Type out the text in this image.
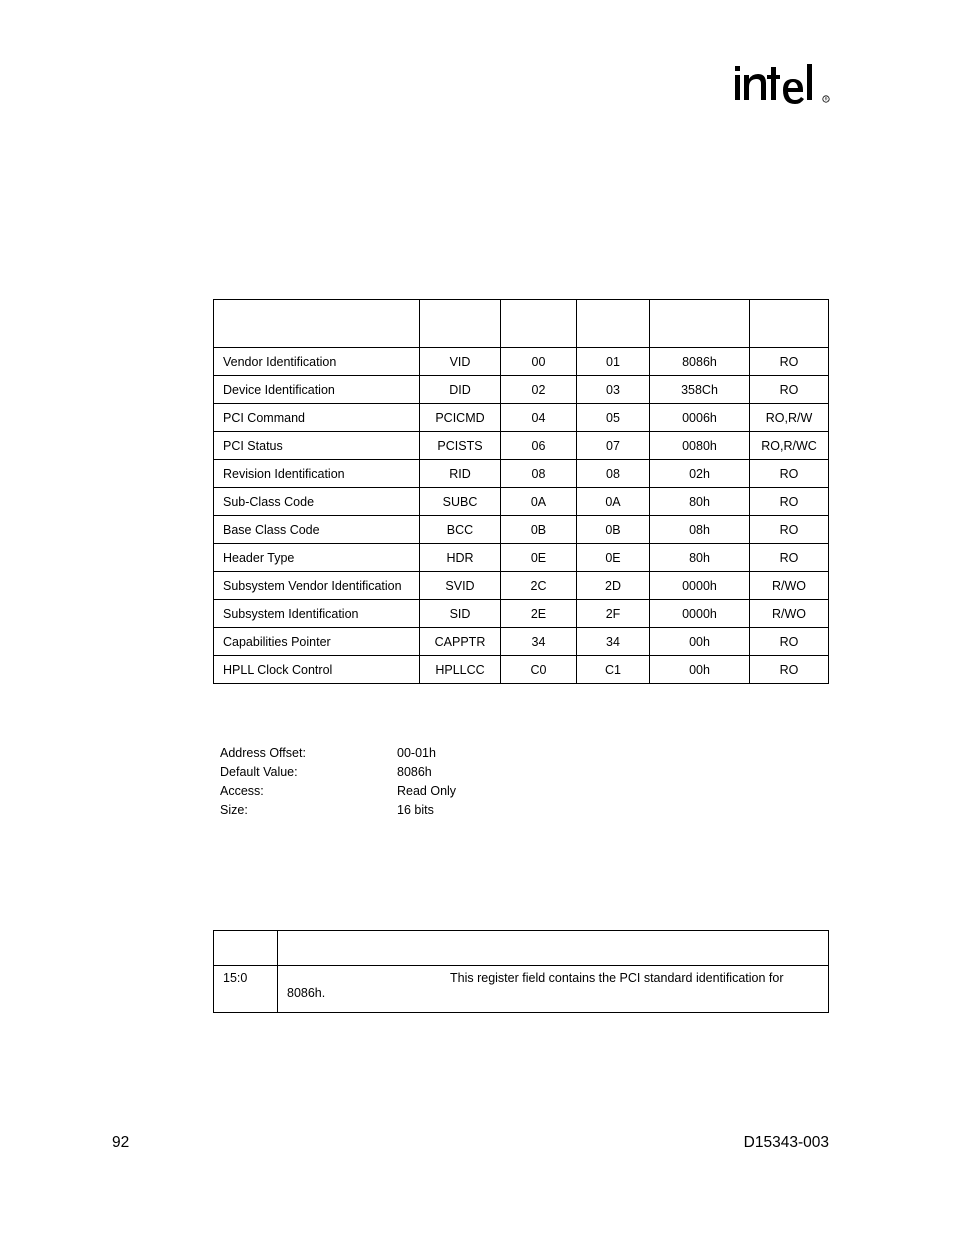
R

Vendor Identification	VID	00	01	8086h	RO
Device Identification	DID	02	03	358Ch	RO
PCI Command	PCICMD	04	05	0006h	RO,R/W
PCI Status	PCISTS	06	07	0080h	RO,R/WC
Revision Identification	RID	08	08	02h	RO
Sub-Class Code	SUBC	0A	0A	80h	RO
Base Class Code	BCC	0B	0B	08h	RO
Header Type	HDR	0E	0E	80h	RO
Subsystem Vendor Identification	SVID	2C	2D	0000h	R/WO
Subsystem Identification	SID	2E	2F	0000h	R/WO
Capabilities Pointer	CAPPTR	34	34	00h	RO
HPLL Clock Control	HPLLCC	C0	C1	00h	RO
Address Offset:	00-01h
Default Value:	8086h
Access:	Read Only
Size:	16 bits

15:0	This register field contains the PCI standard identification for 8086h.
92	D15343-003
